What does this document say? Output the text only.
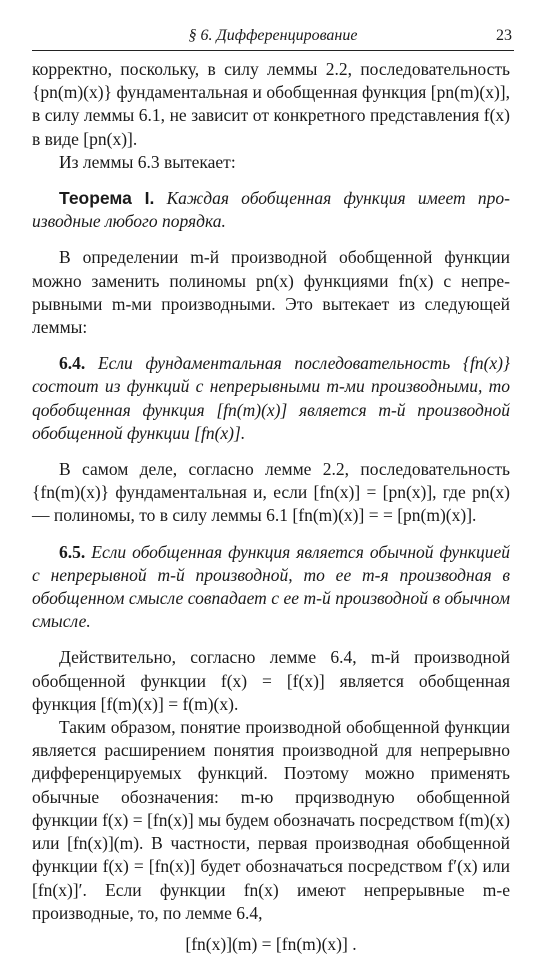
§ 6. Дифференцирование	23

корректно, поскольку, в силу леммы 2.2, последовательность {pn(m)(x)} фундаментальная и обобщенная функция [pn(m)(x)], в силу леммы 6.1, не зависит от конкретного представления f(x) в виде [pn(x)].

Из леммы 6.3 вытекает:

Теорема I. Каждая обобщенная функция имеет производные любого порядка.

В определении m-й производной обобщенной функции можно заменить полиномы pn(x) функциями fn(x) с непрерывными m-ми производными. Это вытекает из следующей леммы:

6.4. Если фундаментальная последовательность {fn(x)} состоит из функций с непрерывными m-ми производными, то qобобщенная функция [fn(m)(x)] является m-й производной обобщенной функции [fn(x)].

В самом деле, согласно лемме 2.2, последовательность {fn(m)(x)} фундаментальная и, если [fn(x)] = [pn(x)], где pn(x) — полиномы, то в силу леммы 6.1 [fn(m)(x)] = = [pn(m)(x)].

6.5. Если обобщенная функция является обычной функцией с непрерывной m-й производной, то ее m-я производная в обобщенном смысле совпадает с ее m-й производной в обычном смысле.

Действительно, согласно лемме 6.4, m-й производной обобщенной функции f(x) = [f(x)] является обобщенная функция [f(m)(x)] = f(m)(x).

Таким образом, понятие производной обобщенной функции является расширением понятия производной для непрерывно дифференцируемых функций. Поэтому можно применять обычные обозначения: m-ю прqизводную обобщенной функции f(x) = [fn(x)] мы будем обозначать посредством f(m)(x) или [fn(x)](m). В частности, первая производная обобщенной функции f(x) = [fn(x)] будет обозначаться посредством f′(x) или [fn(x)]′. Если функции fn(x) имеют непрерывные m-е производные, то, по лемме 6.4,

[fn(x)](m) = [fn(m)(x)] .
